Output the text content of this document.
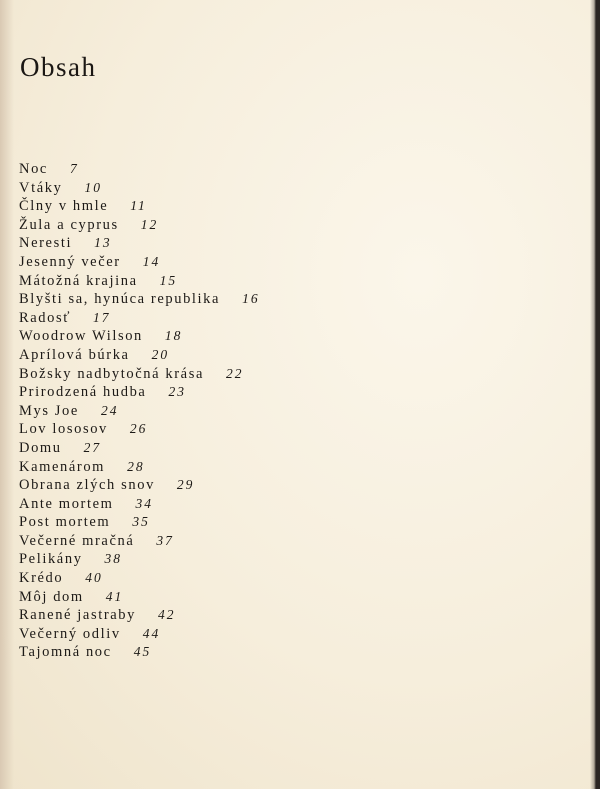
Obsah
Noc 7
Vtáky 10
Člny v hmle 11
Žula a cyprus 12
Neresti 13
Jesenný večer 14
Mátožná krajina 15
Blyšti sa, hynúca republika 16
Radosť 17
Woodrow Wilson 18
Aprílová búrka 20
Božsky nadbytočná krása 22
Prirodzená hudba 23
Mys Joe 24
Lov lososov 26
Domu 27
Kamenárom 28
Obrana zlých snov 29
Ante mortem 34
Post mortem 35
Večerné mračná 37
Pelikány 38
Krédo 40
Môj dom 41
Ranené jastraby 42
Večerný odliv 44
Tajomná noc 45
